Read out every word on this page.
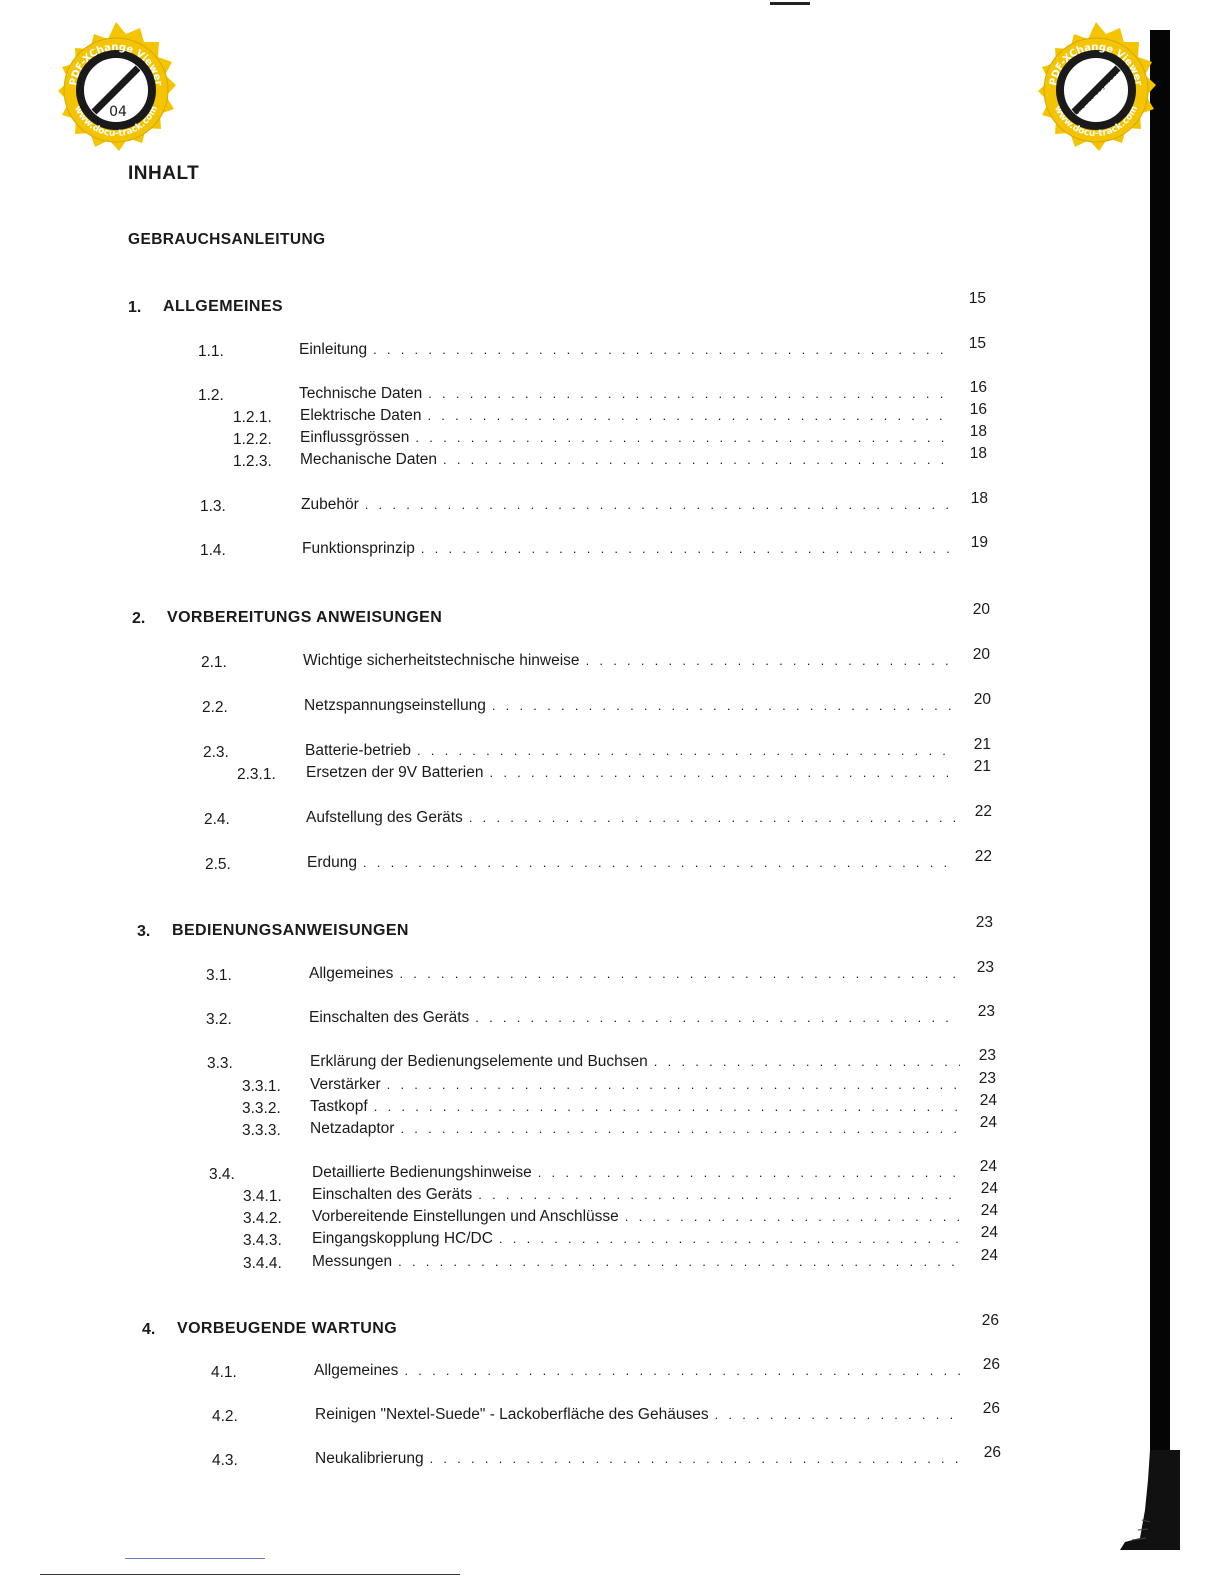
PDF-XChange Viewer
www.docu-track.com
04
PDF-XChange Viewer
www.docu-track.com
Click to buy NOW!
INHALT
GEBRAUCHSANLEITUNG
1. ALLGEMEINES	15
1.1.	Einleitung . . .	15
1.2.	Technische Daten . . .	16
1.2.1. Elektrische Daten . . .	16
1.2.2. Einflussgrössen . . .	18
1.2.3. Mechanische Daten . . .	18
1.3.	Zubehör . . .	18
1.4.	Funktionsprinzip . . .	19
2. VORBEREITUNGS ANWEISUNGEN	20
2.1.	Wichtige sicherheitstechnische hinweise . . .	20
2.2.	Netzspannungseinstellung . . .	20
2.3.	Batterie-betrieb . . .	21
2.3.1. Ersetzen der 9V Batterien . . .	21
2.4.	Aufstellung des Geräts . . .	22
2.5.	Erdung . . .	22
3. BEDIENUNGSANWEISUNGEN	23
3.1.	Allgemeines . . .	23
3.2.	Einschalten des Geräts . . .	23
3.3.	Erklärung der Bedienungselemente und Buchsen . . .	23
3.3.1. Verstärker . . .	23
3.3.2. Tastkopf . . .	24
3.3.3. Netzadaptor . . .	24
3.4.	Detaillierte Bedienungshinweise . . .	24
3.4.1. Einschalten des Geräts . . .	24
3.4.2. Vorbereitende Einstellungen und Anschlüsse . . .	24
3.4.3. Eingangskopplung HC/DC . . .	24
3.4.4. Messungen . . .	24
4. VORBEUGENDE WARTUNG	26
4.1.	Allgemeines . . .	26
4.2.	Reinigen "Nextel-Suede" - Lackoberfläche des Gehäuses . . .	26
4.3.	Neukalibrierung . . .	26
